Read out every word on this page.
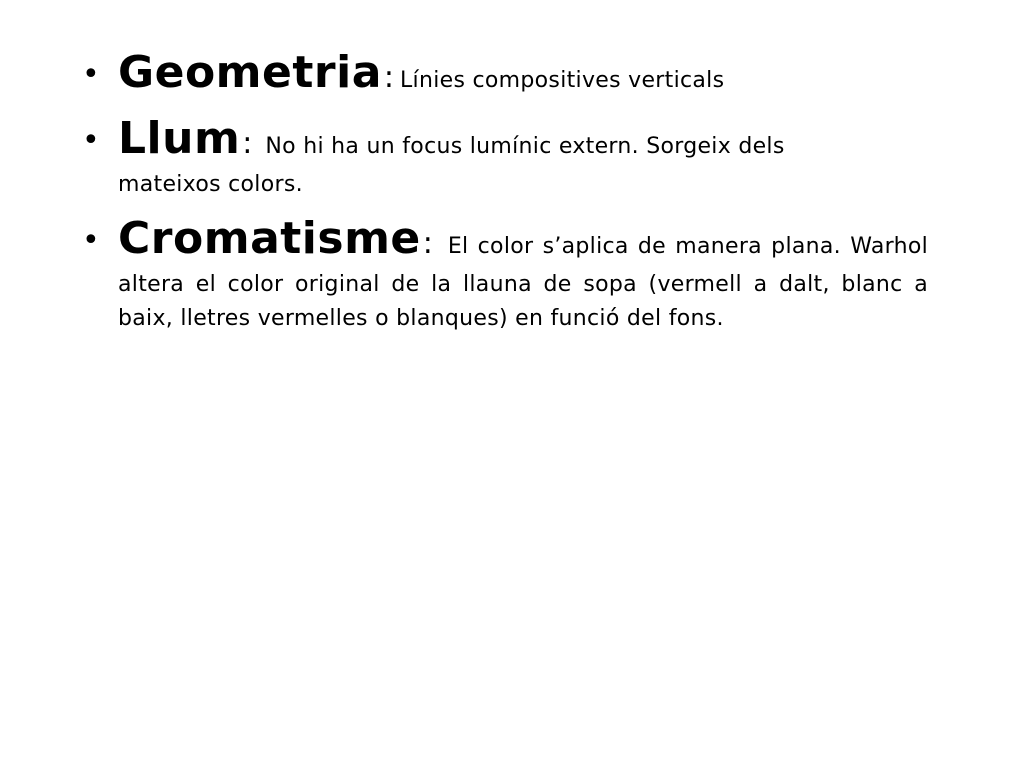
• Geometria: Línies compositives verticals
• Llum: No hi ha un focus lumínic extern. Sorgeix dels mateixos colors.
• Cromatisme: El color s’aplica de manera plana. Warhol altera el color original de la llauna de sopa (vermell a dalt, blanc a baix, lletres vermelles o blanques) en funció del fons.
